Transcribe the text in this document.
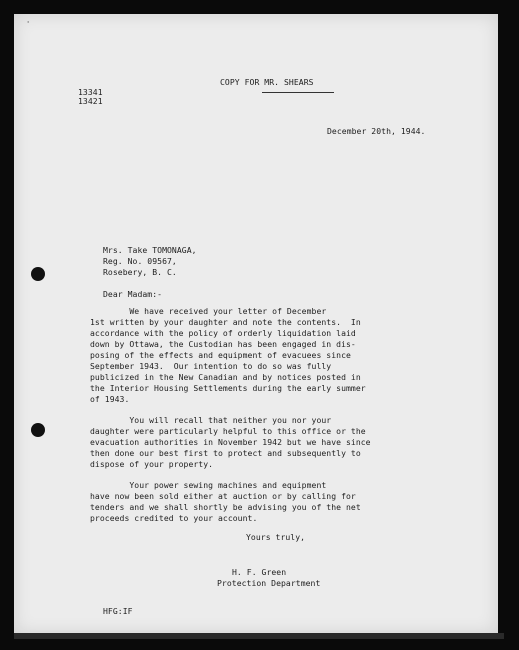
'
COPY FOR MR. SHEARS
13341
13421
December 20th, 1944.
Mrs. Take TOMONAGA,
Reg. No. 09567,
Rosebery, B. C.
Dear Madam:-
We have received your letter of December
1st written by your daughter and note the contents.  In
accordance with the policy of orderly liquidation laid
down by Ottawa, the Custodian has been engaged in dis-
posing of the effects and equipment of evacuees since
September 1943.  Our intention to do so was fully
publicized in the New Canadian and by notices posted in
the Interior Housing Settlements during the early summer
of 1943.
You will recall that neither you nor your
daughter were particularly helpful to this office or the
evacuation authorities in November 1942 but we have since
then done our best first to protect and subsequently to
dispose of your property.
Your power sewing machines and equipment
have now been sold either at auction or by calling for
tenders and we shall shortly be advising you of the net
proceeds credited to your account.
Yours truly,
H. F. Green
Protection Department
HFG:IF
